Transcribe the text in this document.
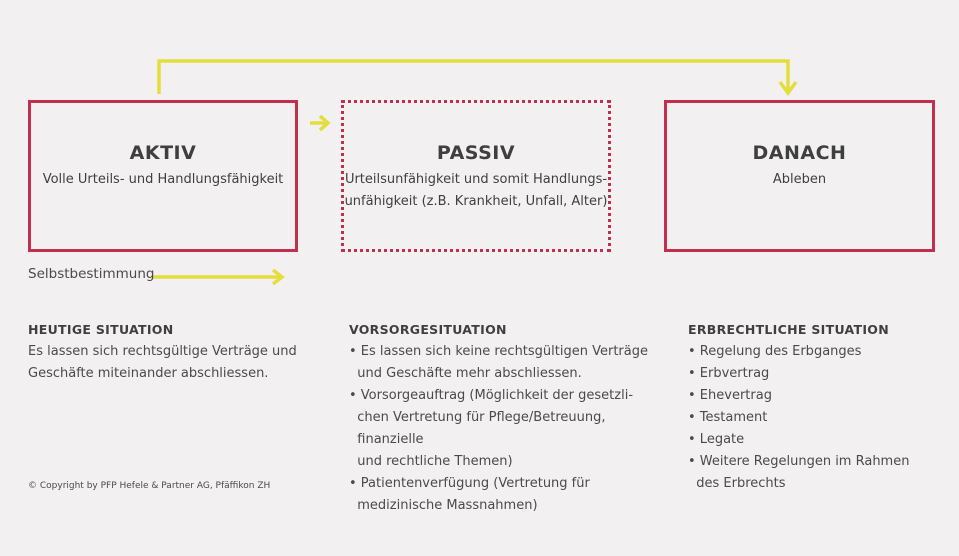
AKTIV
Volle Urteils- und Handlungsfähigkeit
PASSIV
Urteilsunfähigkeit und somit Handlungs-
unfähigkeit (z.B. Krankheit, Unfall, Alter)
DANACH
Ableben
Selbstbestimmung
HEUTIGE SITUATION
Es lassen sich rechtsgültige Verträge und
Geschäfte miteinander abschliessen.
VORSORGESITUATION
• Es lassen sich keine rechtsgültigen Verträge
und Geschäfte mehr abschliessen.
• Vorsorgeauftrag (Möglichkeit der gesetzli-
chen Vertretung für Pflege/Betreuung,
finanzielle
und rechtliche Themen)
• Patientenverfügung (Vertretung für
medizinische Massnahmen)
ERBRECHTLICHE SITUATION
• Regelung des Erbganges
• Erbvertrag
• Ehevertrag
• Testament
• Legate
• Weitere Regelungen im Rahmen
des Erbrechts
© Copyright by PFP Hefele & Partner AG, Pfäffikon ZH
